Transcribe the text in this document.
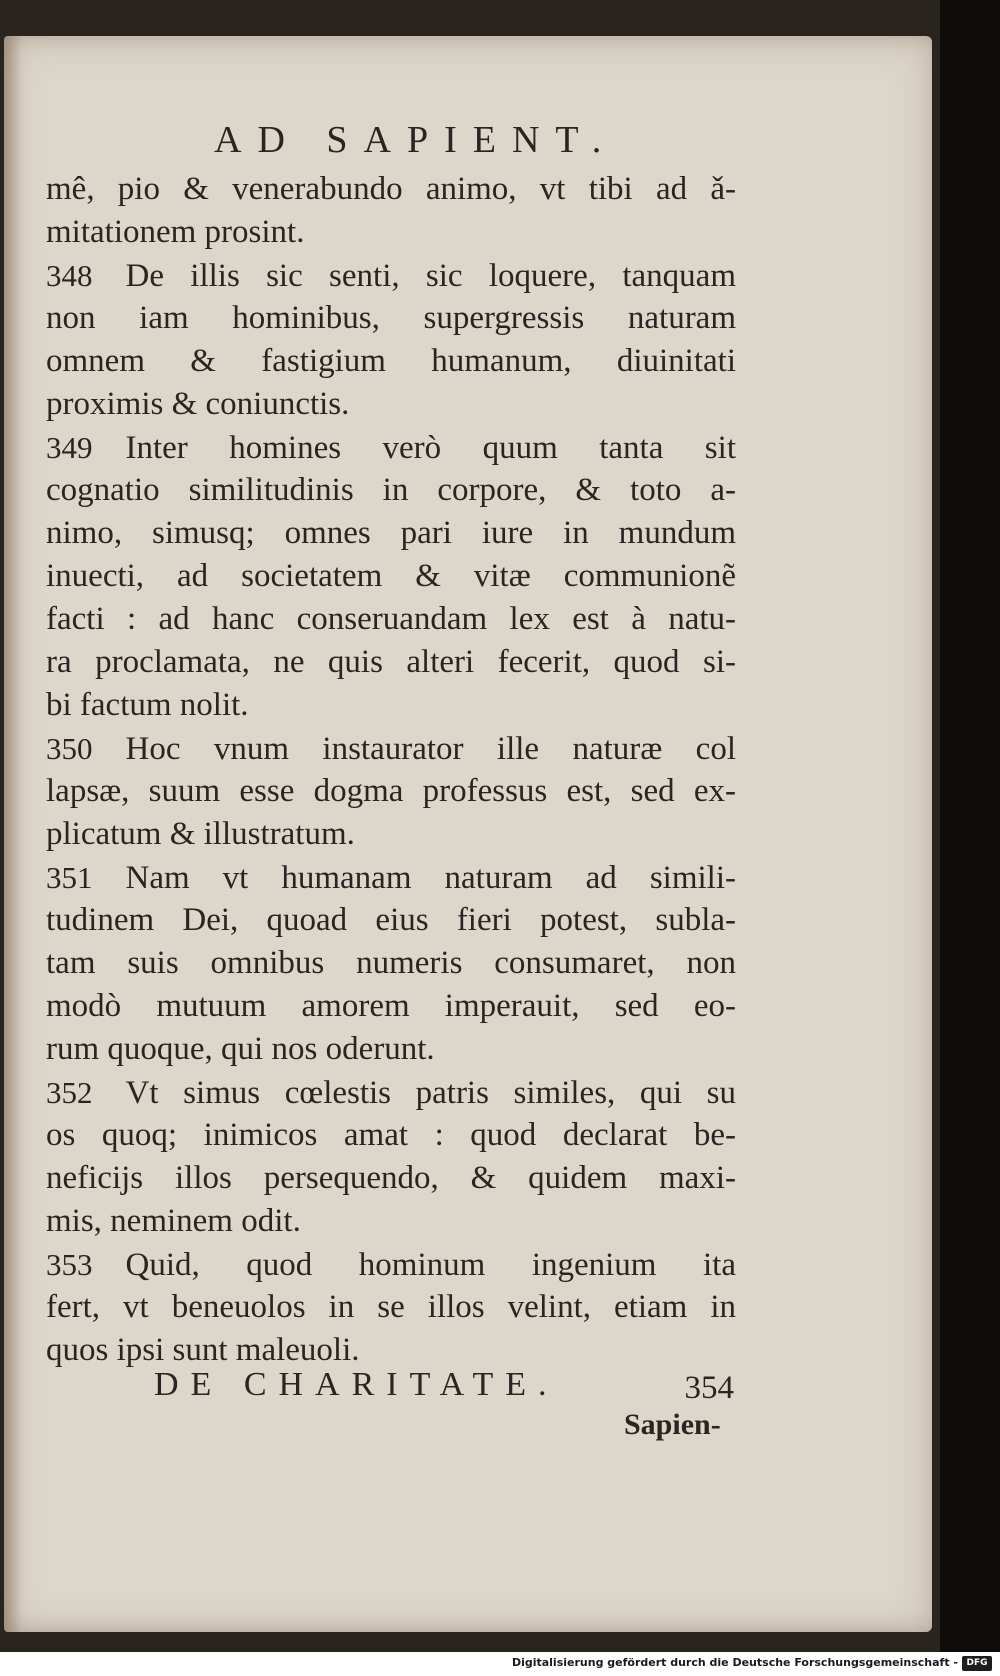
AD SAPIENT.
mê, pio & venerabundo animo, vt tibi ad ǎ-
mitationem prosint.
348  De illis sic senti, sic loquere, tanquam
non iam hominibus, supergressis naturam
omnem & fastigium humanum, diuinitati
proximis & coniunctis.
349  Inter homines verò quum tanta sit
cognatio similitudinis in corpore, & toto a-
nimo, simusq; omnes pari iure in mundum
inuecti, ad societatem & vitæ communionẽ
facti : ad hanc conseruandam lex est à natu-
ra proclamata, ne quis alteri fecerit, quod si-
bi factum nolit.
350  Hoc vnum instaurator ille naturæ col
lapsæ, suum esse dogma professus est, sed ex-
plicatum & illustratum.
351  Nam vt humanam naturam ad simili-
tudinem Dei, quoad eius fieri potest, subla-
tam suis omnibus numeris consumaret, non
modò mutuum amorem imperauit, sed eo-
rum quoque, qui nos oderunt.
352  Vt simus cœlestis patris similes, qui su
os quoq; inimicos amat : quod declarat be-
neficijs illos persequendo, & quidem maxi-
mis, neminem odit.
353  Quid, quod hominum ingenium ita
fert, vt beneuolos in se illos velint, etiam in
quos ipsi sunt maleuoli.
DE CHARITATE.	354
Sapien-
Digitalisierung gefördert durch die Deutsche Forschungsgemeinschaft - DFG
